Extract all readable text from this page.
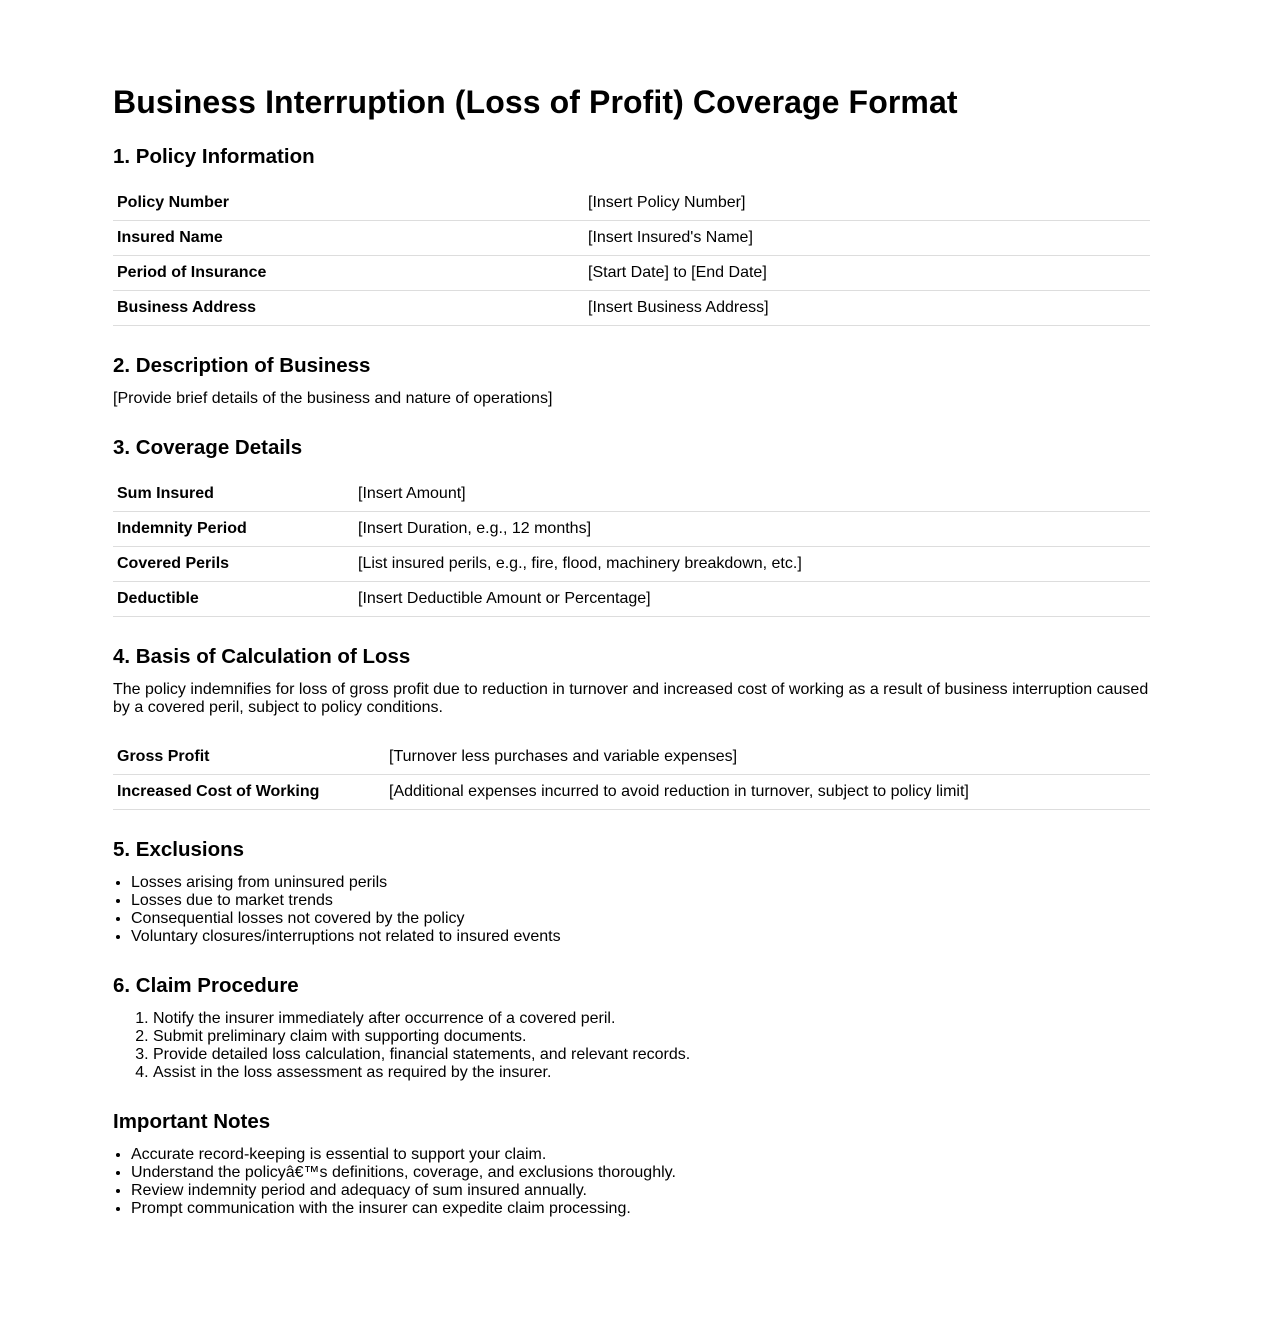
Business Interruption (Loss of Profit) Coverage Format
1. Policy Information
Policy Number	[Insert Policy Number]
Insured Name	[Insert Insured's Name]
Period of Insurance	[Start Date] to [End Date]
Business Address	[Insert Business Address]
2. Description of Business

[Provide brief details of the business and nature of operations]

3. Coverage Details
Sum Insured	[Insert Amount]
Indemnity Period	[Insert Duration, e.g., 12 months]
Covered Perils	[List insured perils, e.g., fire, flood, machinery breakdown, etc.]
Deductible	[Insert Deductible Amount or Percentage]
4. Basis of Calculation of Loss

The policy indemnifies for loss of gross profit due to reduction in turnover and increased cost of working as a result of business interruption caused by a covered peril, subject to policy conditions.

Gross Profit	[Turnover less purchases and variable expenses]
Increased Cost of Working	[Additional expenses incurred to avoid reduction in turnover, subject to policy limit]
5. Exclusions
• Losses arising from uninsured perils
• Losses due to market trends
• Consequential losses not covered by the policy
• Voluntary closures/interruptions not related to insured events
6. Claim Procedure
1. Notify the insurer immediately after occurrence of a covered peril.
2. Submit preliminary claim with supporting documents.
3. Provide detailed loss calculation, financial statements, and relevant records.
4. Assist in the loss assessment as required by the insurer.
Important Notes
• Accurate record-keeping is essential to support your claim.
• Understand the policyâ€™s definitions, coverage, and exclusions thoroughly.
• Review indemnity period and adequacy of sum insured annually.
• Prompt communication with the insurer can expedite claim processing.
